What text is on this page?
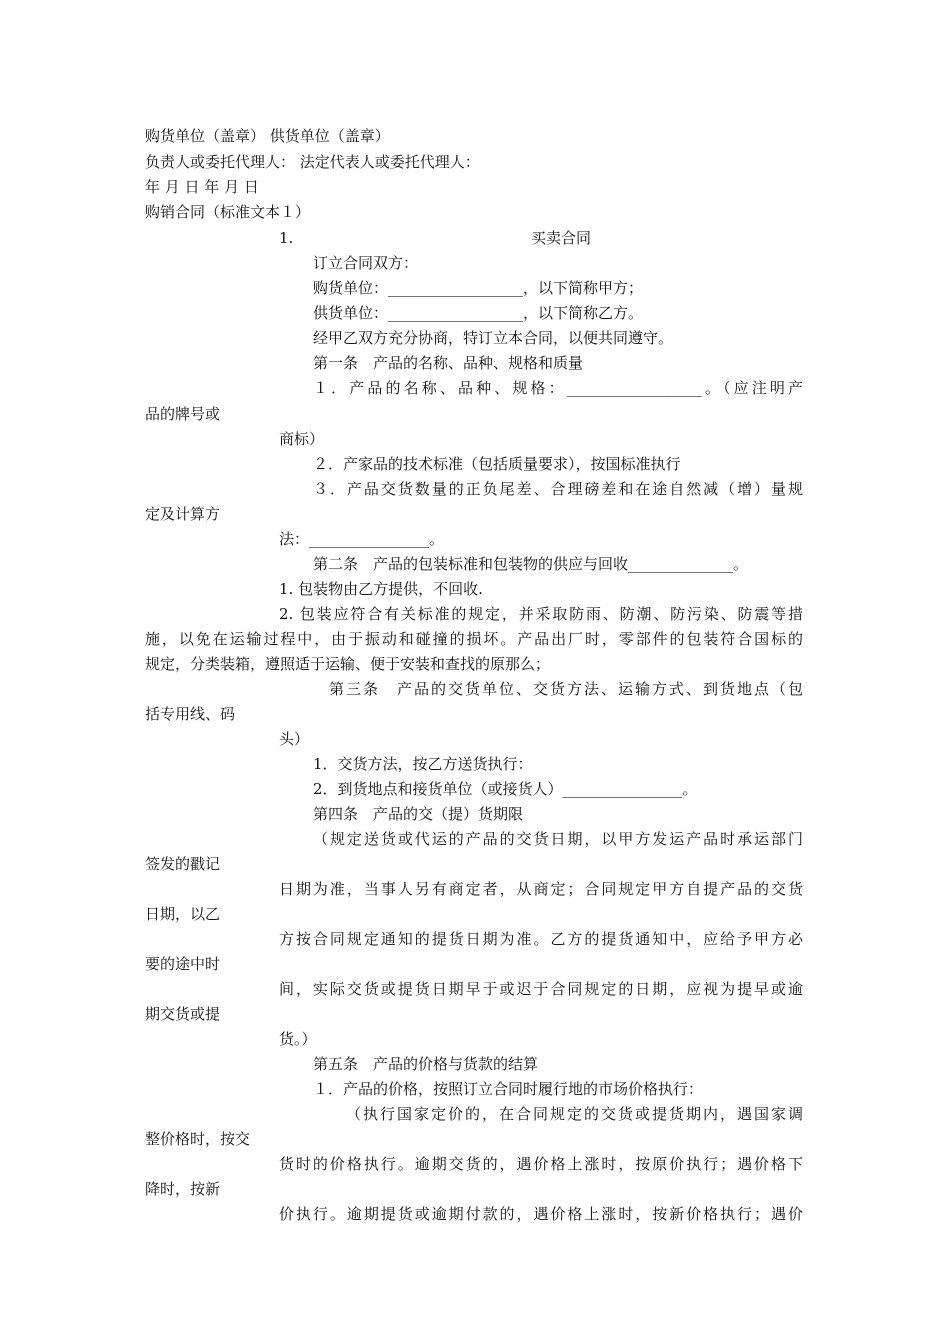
购货单位（盖章） 供货单位（盖章）
负责人或委托代理人： 法定代表人或委托代理人：
年 月 日 年 月 日
购销合同（标准文本１）
1.	买卖合同
订立合同双方：
购货单位：__________________，以下简称甲方；
供货单位：__________________，以下简称乙方。
经甲乙双方充分协商，特订立本合同，以便共同遵守。
第一条　产品的名称、品种、规格和质量
１．产品的名称、品种、规格：__________________。（应注明产
品的牌号或
商标）
２．产家品的技术标准（包括质量要求），按国标准执行
３．产品交货数量的正负尾差、合理磅差和在途自然减（增）量规
定及计算方
法：________________。
第二条　产品的包装标准和包装物的供应与回收______________。
1. 包装物由乙方提供，不回收.
2. 包装应符合有关标准的规定，并采取防雨、防潮、防污染、防震等措
施，以免在运输过程中，由于振动和碰撞的损坏。产品出厂时，零部件的包装符合国标的
规定，分类装箱，遵照适于运输、便于安装和查找的原那么；
第三条　产品的交货单位、交货方法、运输方式、到货地点（包
括专用线、码
头）
1．交货方法，按乙方送货执行：
2．到货地点和接货单位（或接货人）________________。
第四条　产品的交（提）货期限
（规定送货或代运的产品的交货日期，以甲方发运产品时承运部门
签发的戳记
日期为准，当事人另有商定者，从商定；合同规定甲方自提产品的交货
日期，以乙
方按合同规定通知的提货日期为准。乙方的提货通知中，应给予甲方必
要的途中时
间，实际交货或提货日期早于或迟于合同规定的日期，应视为提早或逾
期交货或提
货。）
第五条　产品的价格与货款的结算
１．产品的价格，按照订立合同时履行地的市场价格执行：
（执行国家定价的，在合同规定的交货或提货期内，遇国家调
整价格时，按交
货时的价格执行。逾期交货的，遇价格上涨时，按原价执行；遇价格下
降时，按新
价执行。逾期提货或逾期付款的，遇价格上涨时，按新价格执行；遇价
